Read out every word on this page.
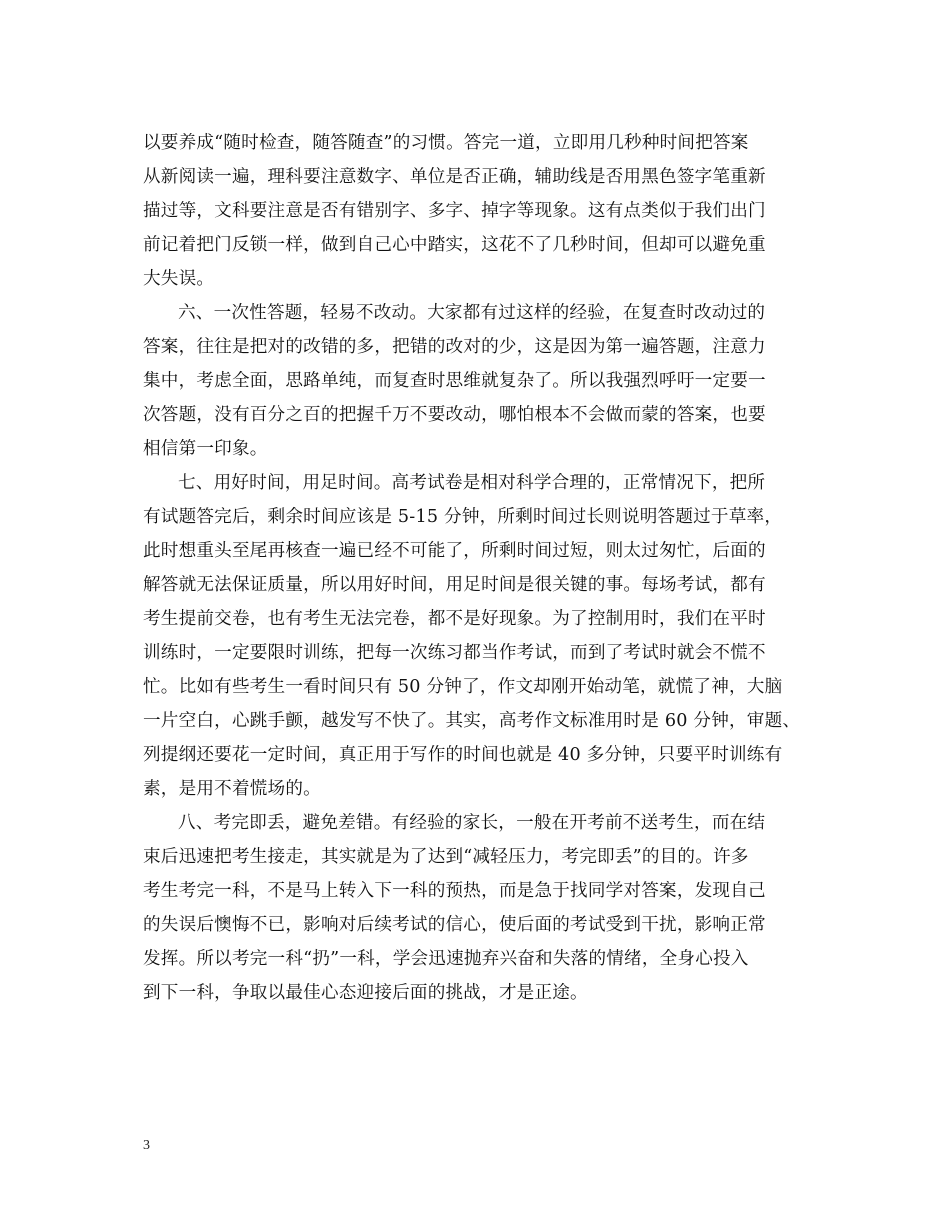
以要养成“随时检查，随答随查”的习惯。答完一道，立即用几秒种时间把答案
从新阅读一遍，理科要注意数字、单位是否正确，辅助线是否用黑色签字笔重新
描过等，文科要注意是否有错别字、多字、掉字等现象。这有点类似于我们出门
前记着把门反锁一样，做到自己心中踏实，这花不了几秒时间，但却可以避免重
大失误。
六、一次性答题，轻易不改动。大家都有过这样的经验，在复查时改动过的
答案，往往是把对的改错的多，把错的改对的少，这是因为第一遍答题，注意力
集中，考虑全面，思路单纯，而复查时思维就复杂了。所以我强烈呼吁一定要一
次答题，没有百分之百的把握千万不要改动，哪怕根本不会做而蒙的答案，也要
相信第一印象。
七、用好时间，用足时间。高考试卷是相对科学合理的，正常情况下，把所
有试题答完后，剩余时间应该是 5-15 分钟，所剩时间过长则说明答题过于草率，
此时想重头至尾再核查一遍已经不可能了，所剩时间过短，则太过匆忙，后面的
解答就无法保证质量，所以用好时间，用足时间是很关键的事。每场考试，都有
考生提前交卷，也有考生无法完卷，都不是好现象。为了控制用时，我们在平时
训练时，一定要限时训练，把每一次练习都当作考试，而到了考试时就会不慌不
忙。比如有些考生一看时间只有 50 分钟了，作文却刚开始动笔，就慌了神，大脑
一片空白，心跳手颤，越发写不快了。其实，高考作文标准用时是 60 分钟，审题、
列提纲还要花一定时间，真正用于写作的时间也就是 40 多分钟，只要平时训练有
素，是用不着慌场的。
八、考完即丢，避免差错。有经验的家长，一般在开考前不送考生，而在结
束后迅速把考生接走，其实就是为了达到“减轻压力，考完即丢”的目的。许多
考生考完一科，不是马上转入下一科的预热，而是急于找同学对答案，发现自己
的失误后懊悔不已，影响对后续考试的信心，使后面的考试受到干扰，影响正常
发挥。所以考完一科“扔”一科，学会迅速抛弃兴奋和失落的情绪，全身心投入
到下一科，争取以最佳心态迎接后面的挑战，才是正途。
3
